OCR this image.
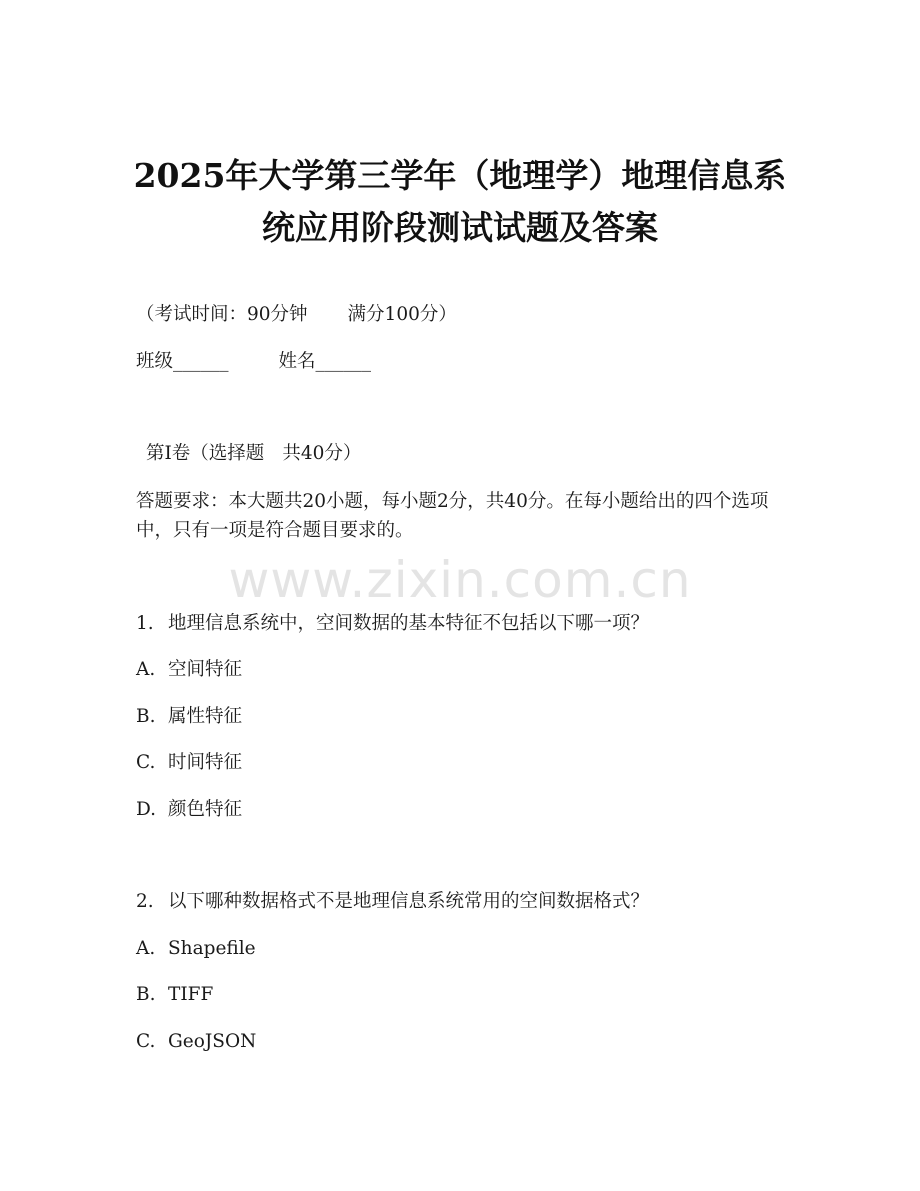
2025年大学第三学年（地理学）地理信息系
统应用阶段测试试题及答案
（考试时间：90分钟 满分100分）
班级______	姓名______
第Ⅰ卷（选择题 共40分）
答题要求：本大题共20小题，每小题2分，共40分。在每小题给出的四个选项中，只有一项是符合题目要求的。
www.zixin.com.cn
1. 地理信息系统中，空间数据的基本特征不包括以下哪一项？
A. 空间特征
B. 属性特征
C. 时间特征
D. 颜色特征
2. 以下哪种数据格式不是地理信息系统常用的空间数据格式？
A. Shapefile
B. TIFF
C. GeoJSON
